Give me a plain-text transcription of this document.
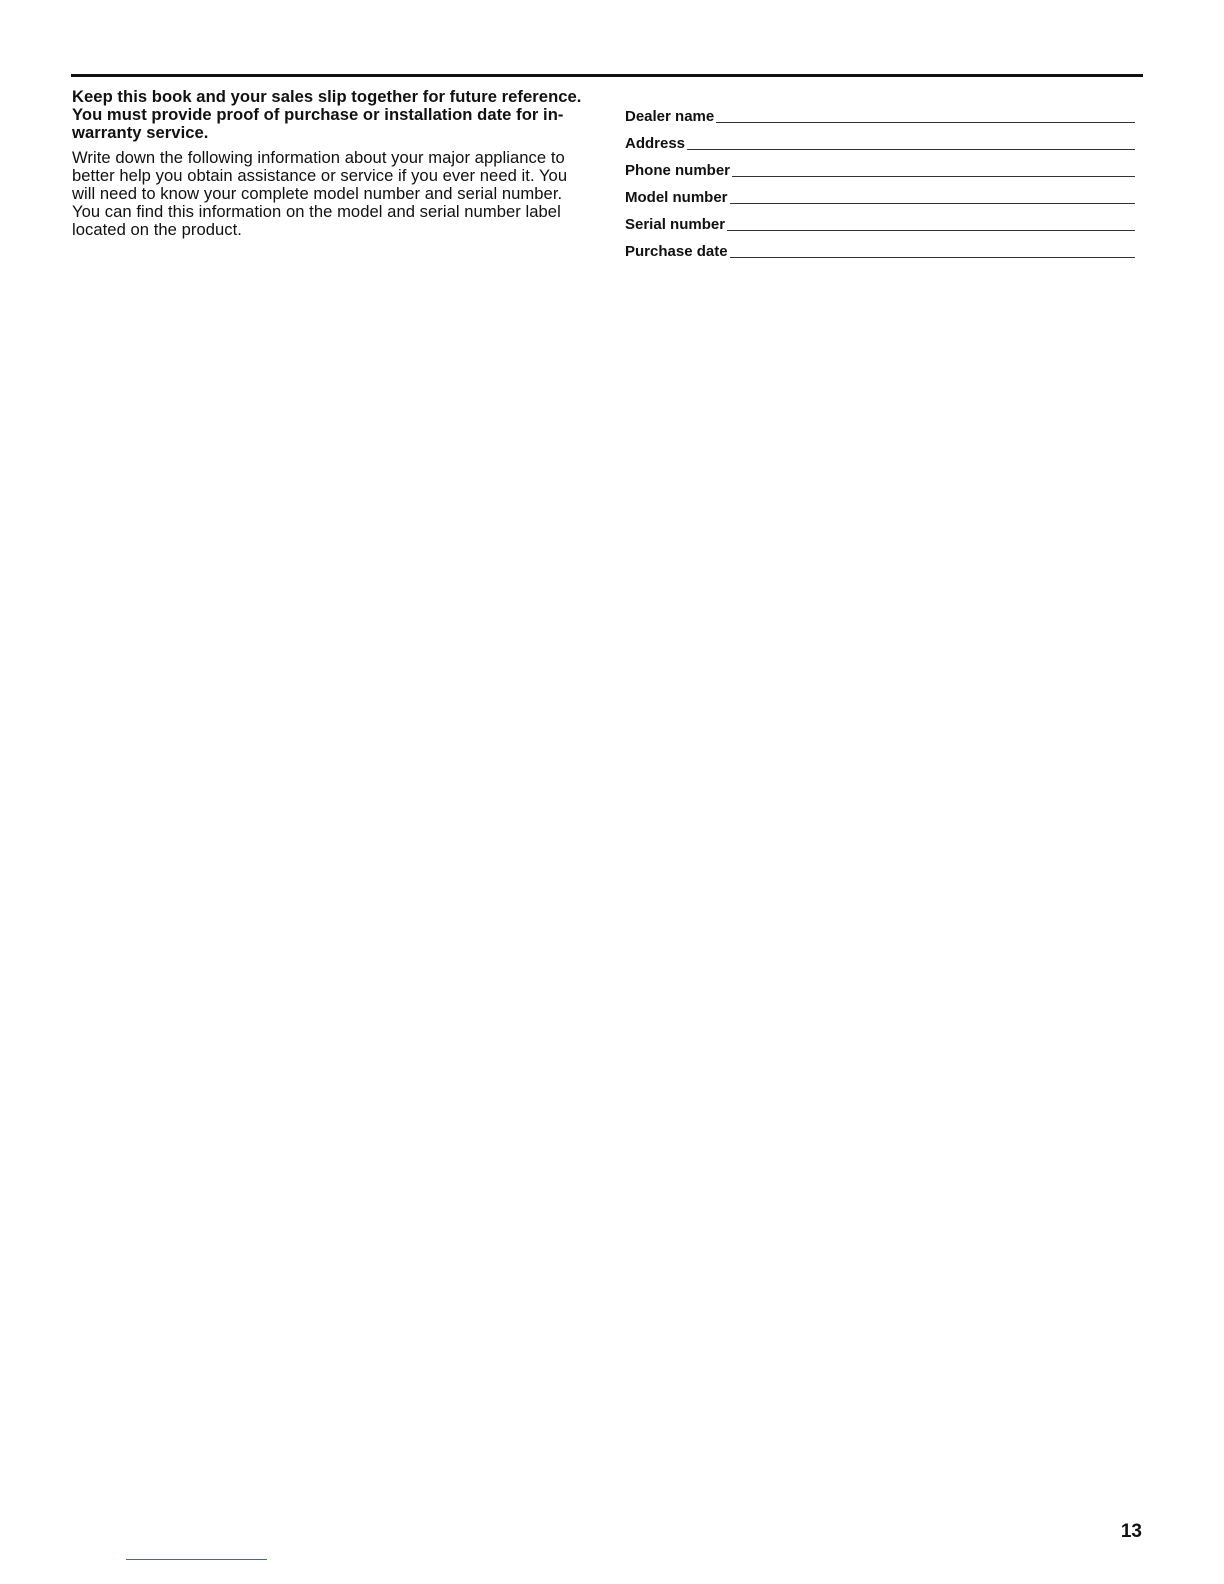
Keep this book and your sales slip together for future reference. You must provide proof of purchase or installation date for in-warranty service.

Write down the following information about your major appliance to better help you obtain assistance or service if you ever need it. You will need to know your complete model number and serial number. You can find this information on the model and serial number label located on the product.

Dealer name
Address
Phone number
Model number
Serial number
Purchase date
13
